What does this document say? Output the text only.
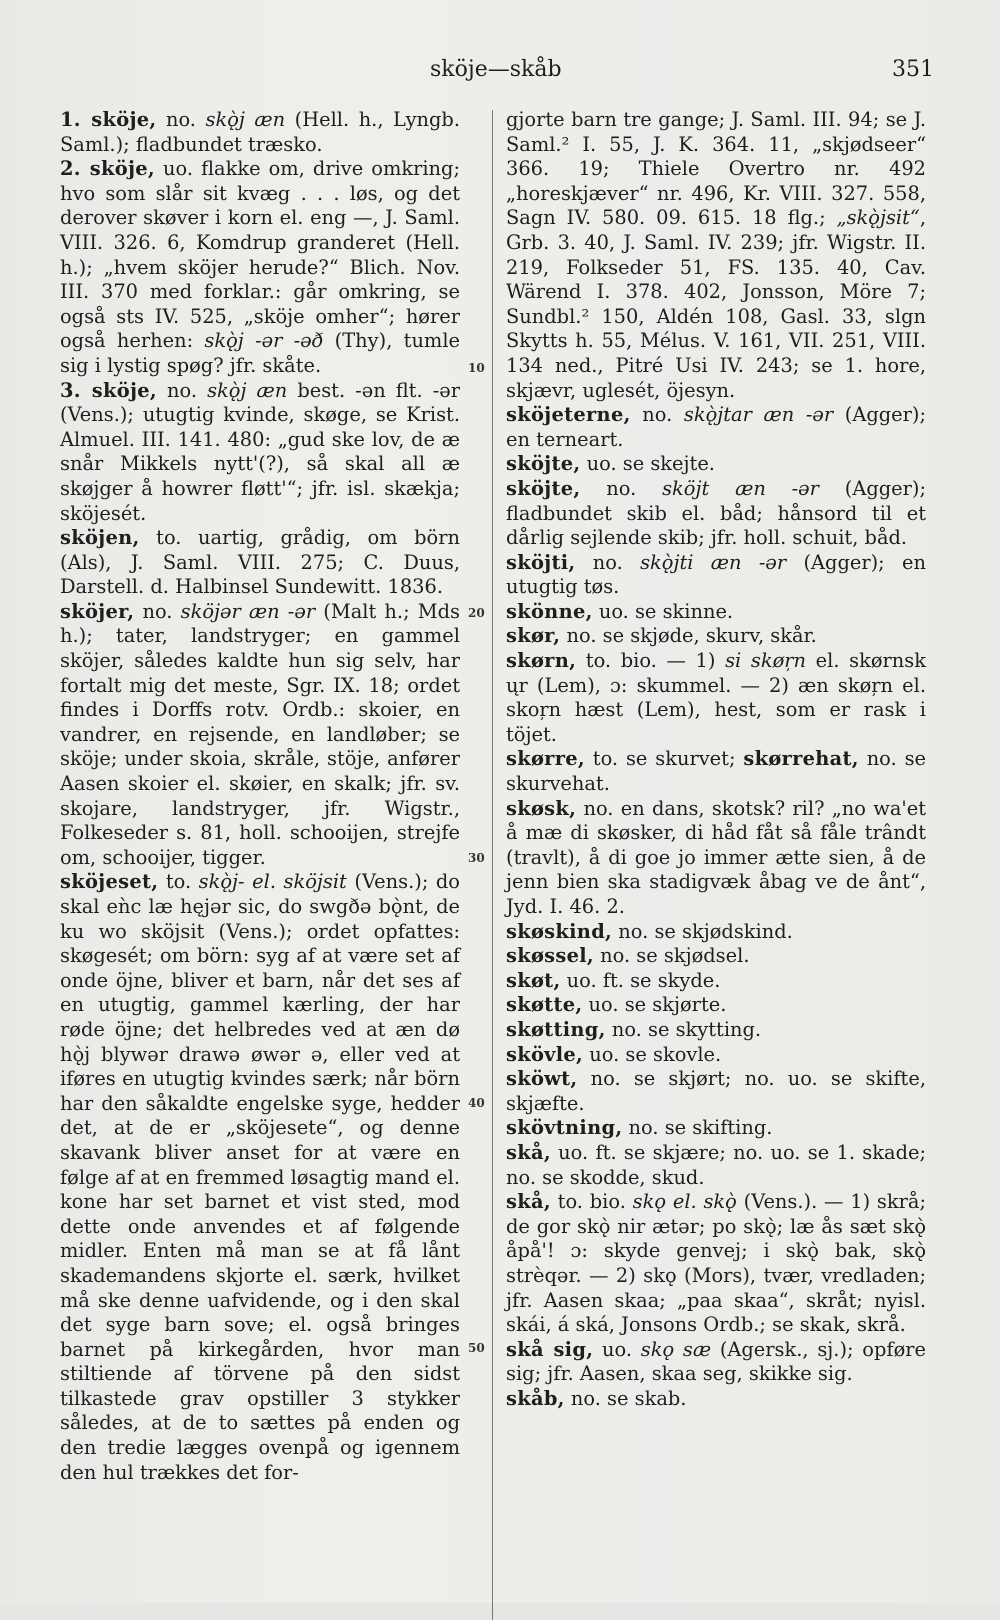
sköje—skåb	351
10
20
30
40
50

1. sköje, no. skǫ̀j æn (Hell. h., Lyngb. Saml.); fladbundet træsko.

2. sköje, uo. flakke om, drive omkring; hvo som slår sit kvæg . . . løs, og det derover skøver i korn el. eng —, J. Saml. VIII. 326. 6, Komdrup granderet (Hell. h.); „hvem sköjer herude?“ Blich. Nov. III. 370 med forklar.: går omkring, se også sts IV. 525, „sköje omher“; hører også herhen: skǫ̀j -ər -əð (Thy), tumle sig i lystig spøg? jfr. skåte.

3. sköje, no. skǫ̀j æn best. -ən flt. -ər (Vens.); utugtig kvinde, skøge, se Krist. Almuel. III. 141. 480: „gud ske lov, de æ snår Mikkels nytt'(?), så skal all æ skøjger å howrer fløtt'“; jfr. isl. skækja; sköjesét.

sköjen, to. uartig, grådig, om börn (Als), J. Saml. VIII. 275; C. Duus, Darstell. d. Halbinsel Sundewitt. 1836.

sköjer, no. sköjər æn -ər (Malt h.; Mds h.); tater, landstryger; en gammel sköjer, således kaldte hun sig selv, har fortalt mig det meste, Sgr. IX. 18; ordet findes i Dorffs rotv. Ordb.: skoier, en vandrer, en rejsende, en landløber; se sköje; under skoia, skråle, stöje, anfører Aasen skoier el. skøier, en skalk; jfr. sv. skojare, landstryger, jfr. Wigstr., Folkeseder s. 81, holl. schooijen, strejfe om, schooijer, tigger.

sköjeset, to. skǫ̀j- el. sköjsit (Vens.); do skal eǹc læ hęjər sic, do swgðə bǫ̀nt, de ku wo sköjsit (Vens.); ordet opfattes: skøgesét; om börn: syg af at være set af onde öjne, bliver et barn, når det ses af en utugtig, gammel kærling, der har røde öjne; det helbredes ved at æn dø hǫ̀j blywər drawə øwər ə, eller ved at iføres en utugtig kvindes særk; når börn har den såkaldte engelske syge, hedder det, at de er „sköjesete“, og denne skavank bliver anset for at være en følge af at en fremmed løsagtig mand el. kone har set barnet et vist sted, mod dette onde anvendes et af følgende midler. Enten må man se at få lånt skademandens skjorte el. særk, hvilket må ske denne uafvidende, og i den skal det syge barn sove; el. også bringes barnet på kirkegården, hvor man stiltiende af törvene på den sidst tilkastede grav opstiller 3 stykker således, at de to sættes på enden og den tredie lægges ovenpå og igennem den hul trækkes det for-

gjorte barn tre gange; J. Saml. III. 94; se J. Saml.² I. 55, J. K. 364. 11, „skjødseer“ 366. 19; Thiele Overtro nr. 492 „horeskjæver“ nr. 496, Kr. VIII. 327. 558, Sagn IV. 580. 09. 615. 18 flg.; „skǫ̀jsit“, Grb. 3. 40, J. Saml. IV. 239; jfr. Wigstr. II. 219, Folkseder 51, FS. 135. 40, Cav. Wärend I. 378. 402, Jonsson, Möre 7; Sundbl.² 150, Aldén 108, Gasl. 33, slgn Skytts h. 55, Mélus. V. 161, VII. 251, VIII. 134 ned., Pitré Usi IV. 243; se 1. hore, skjævr, uglesét, öjesyn.

sköjeterne, no. skǫ̀jtar æn -ər (Agger); en terneart.

sköjte, uo. se skejte.

sköjte, no. sköjt æn -ər (Agger); fladbundet skib el. båd; hånsord til et dårlig sejlende skib; jfr. holl. schuit, båd.

sköjti, no. skǫ̀jti æn -ər (Agger); en utugtig tøs.

skönne, uo. se skinne.

skør, no. se skjøde, skurv, skår.

skørn, to. bio. — 1) si skøŗn el. skørnsk ųr (Lem), ɔ: skummel. — 2) æn skøŗn el. skoŗn hæst (Lem), hest, som er rask i töjet.

skørre, to. se skurvet; skørrehat, no. se skurvehat.

skøsk, no. en dans, skotsk? ril? „no wa'et å mæ di skøsker, di håd fåt så fåle trândt (travlt), å di goe jo immer ætte sien, å de jenn bien ska stadigvæk åbag ve de ånt“, Jyd. I. 46. 2.

skøskind, no. se skjødskind.

skøssel, no. se skjødsel.

skøt, uo. ft. se skyde.

skøtte, uo. se skjørte.

skøtting, no. se skytting.

skövle, uo. se skovle.

sköwt, no. se skjørt; no. uo. se skifte, skjæfte.

skövtning, no. se skifting.

skå, uo. ft. se skjære; no. uo. se 1. skade; no. se skodde, skud.

skå, to. bio. skǫ el. skǫ̀ (Vens.). — 1) skrå; de gor skǫ̀ nir ætər; po skǫ̀; læ ås sæt skǫ̀ åpå'! ɔ: skyde genvej; i skǫ̀ bak, skǫ̀ strèqər. — 2) skǫ (Mors), tvær, vredladen; jfr. Aasen skaa; „paa skaa“, skråt; nyisl. skái, á ská, Jonsons Ordb.; se skak, skrå.

skå sig, uo. skǫ sæ (Agersk., sj.); opføre sig; jfr. Aasen, skaa seg, skikke sig.

skåb, no. se skab.
